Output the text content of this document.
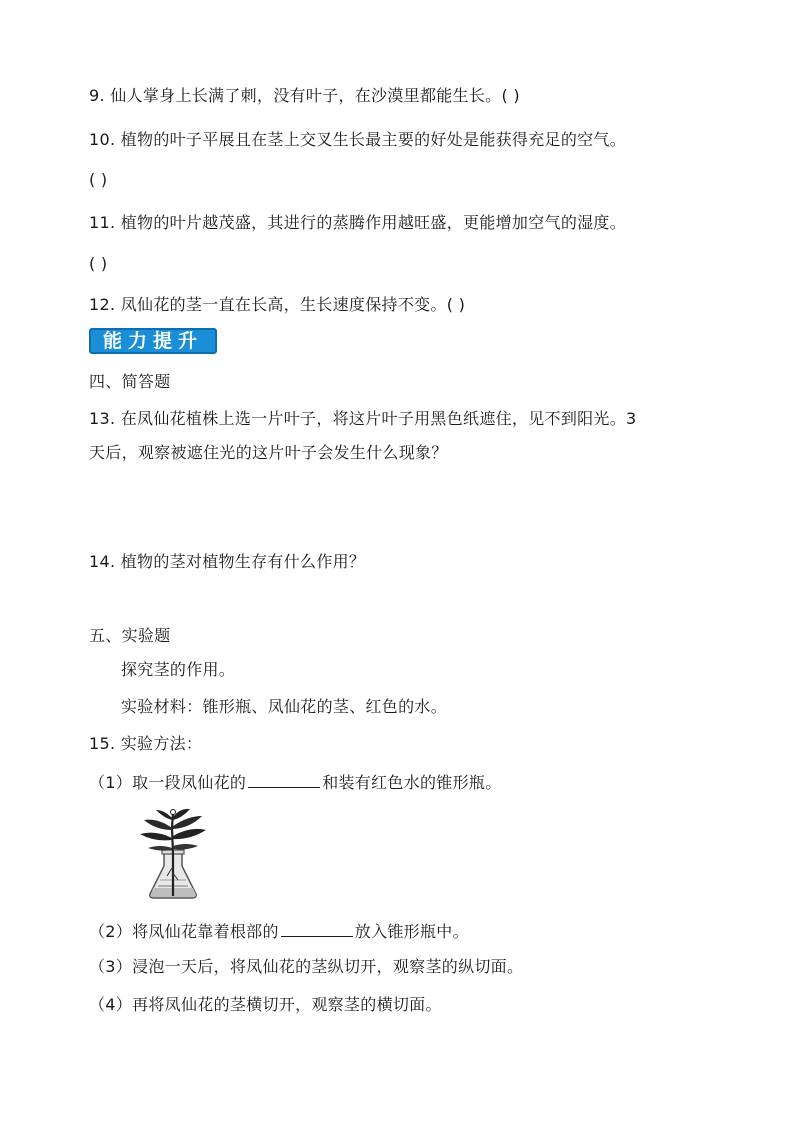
9. 仙人掌身上长满了刺，没有叶子，在沙漠里都能生长。( )
10. 植物的叶子平展且在茎上交叉生长最主要的好处是能获得充足的空气。
( )
11. 植物的叶片越茂盛，其进行的蒸腾作用越旺盛，更能增加空气的湿度。
( )
12. 凤仙花的茎一直在长高，生长速度保持不变。( )
能力提升
四、简答题
13. 在凤仙花植株上选一片叶子，将这片叶子用黑色纸遮住，见不到阳光。3
天后，观察被遮住光的这片叶子会发生什么现象？
14. 植物的茎对植物生存有什么作用？
五、实验题
探究茎的作用。
实验材料：锥形瓶、凤仙花的茎、红色的水。
15. 实验方法：
（1）取一段凤仙花的	和装有红色水的锥形瓶。
（2）将凤仙花靠着根部的	放入锥形瓶中。
（3）浸泡一天后，将凤仙花的茎纵切开，观察茎的纵切面。
（4）再将凤仙花的茎横切开，观察茎的横切面。
